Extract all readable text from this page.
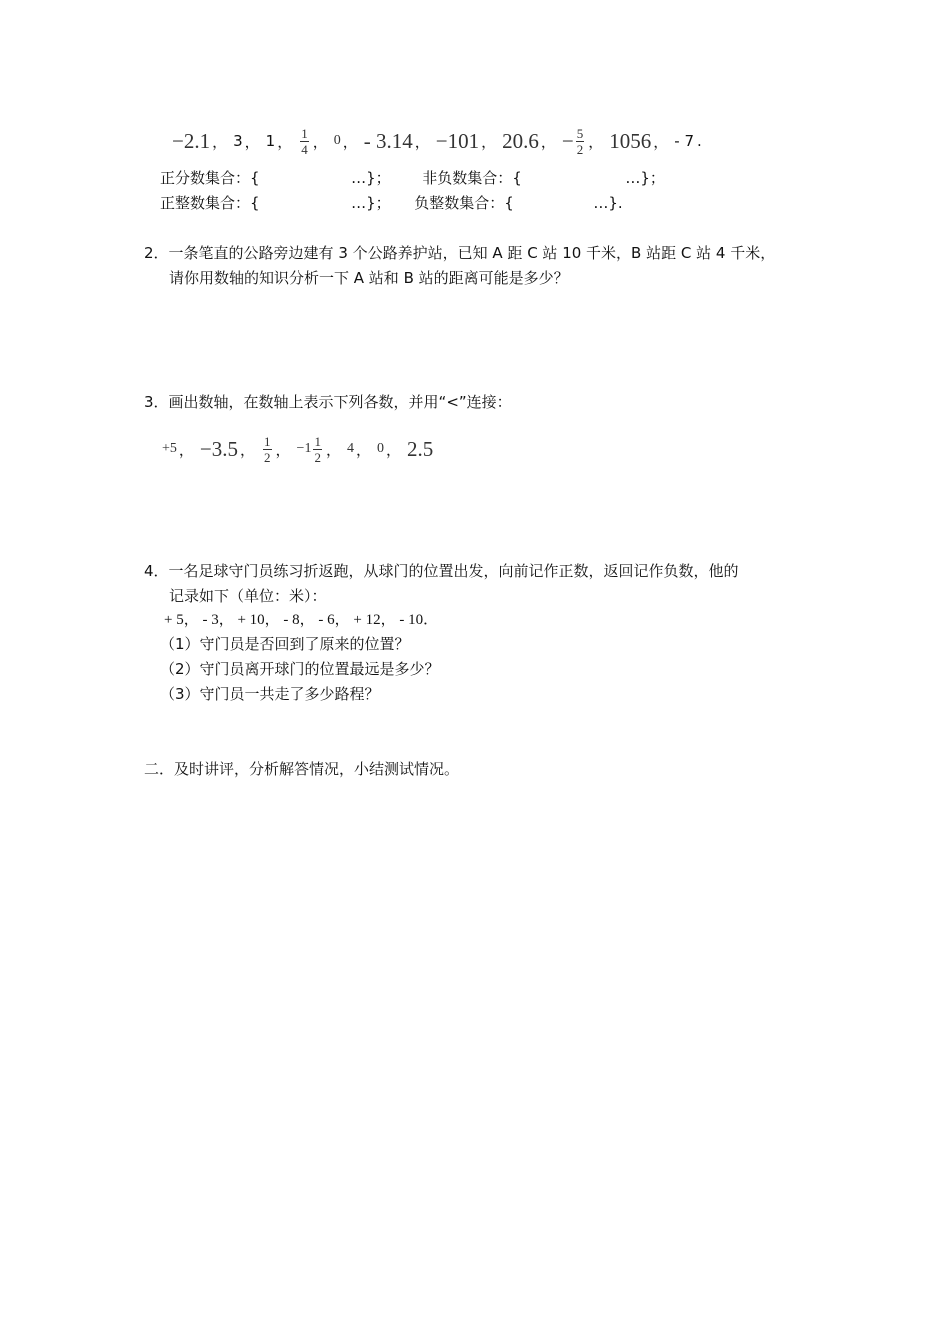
−2.1 ， 3 ， 1 ， $\frac{1}{4}$ ， 0 ， - 3.14 ， −101 ， 20.6 ， − $\frac{5}{2}$ ， 1056 ， - 7 .
正分数集合：{	…}； 非负数集合：{	…}；
正整数集合：{	…}； 负整数集合：{	…}.
2．一条笔直的公路旁边建有 3 个公路养护站，已知 A 距 C 站 10 千米，B 站距 C 站 4 千米，
请你用数轴的知识分析一下 A 站和 B 站的距离可能是多少？
3．画出数轴，在数轴上表示下列各数，并用“<”连接：
+5 ， −3.5 ， $\frac{1}{2}$ ， $-1 \frac{1}{2}$ ， 4 ， 0 ， 2.5
4．一名足球守门员练习折返跑，从球门的位置出发，向前记作正数，返回记作负数，他的
记录如下（单位：米）：
+ 5， - 3， + 10， - 8， - 6， + 12， - 10．
（1）守门员是否回到了原来的位置？
（2）守门员离开球门的位置最远是多少？
（3）守门员一共走了多少路程？
二．及时讲评，分析解答情况，小结测试情况。
